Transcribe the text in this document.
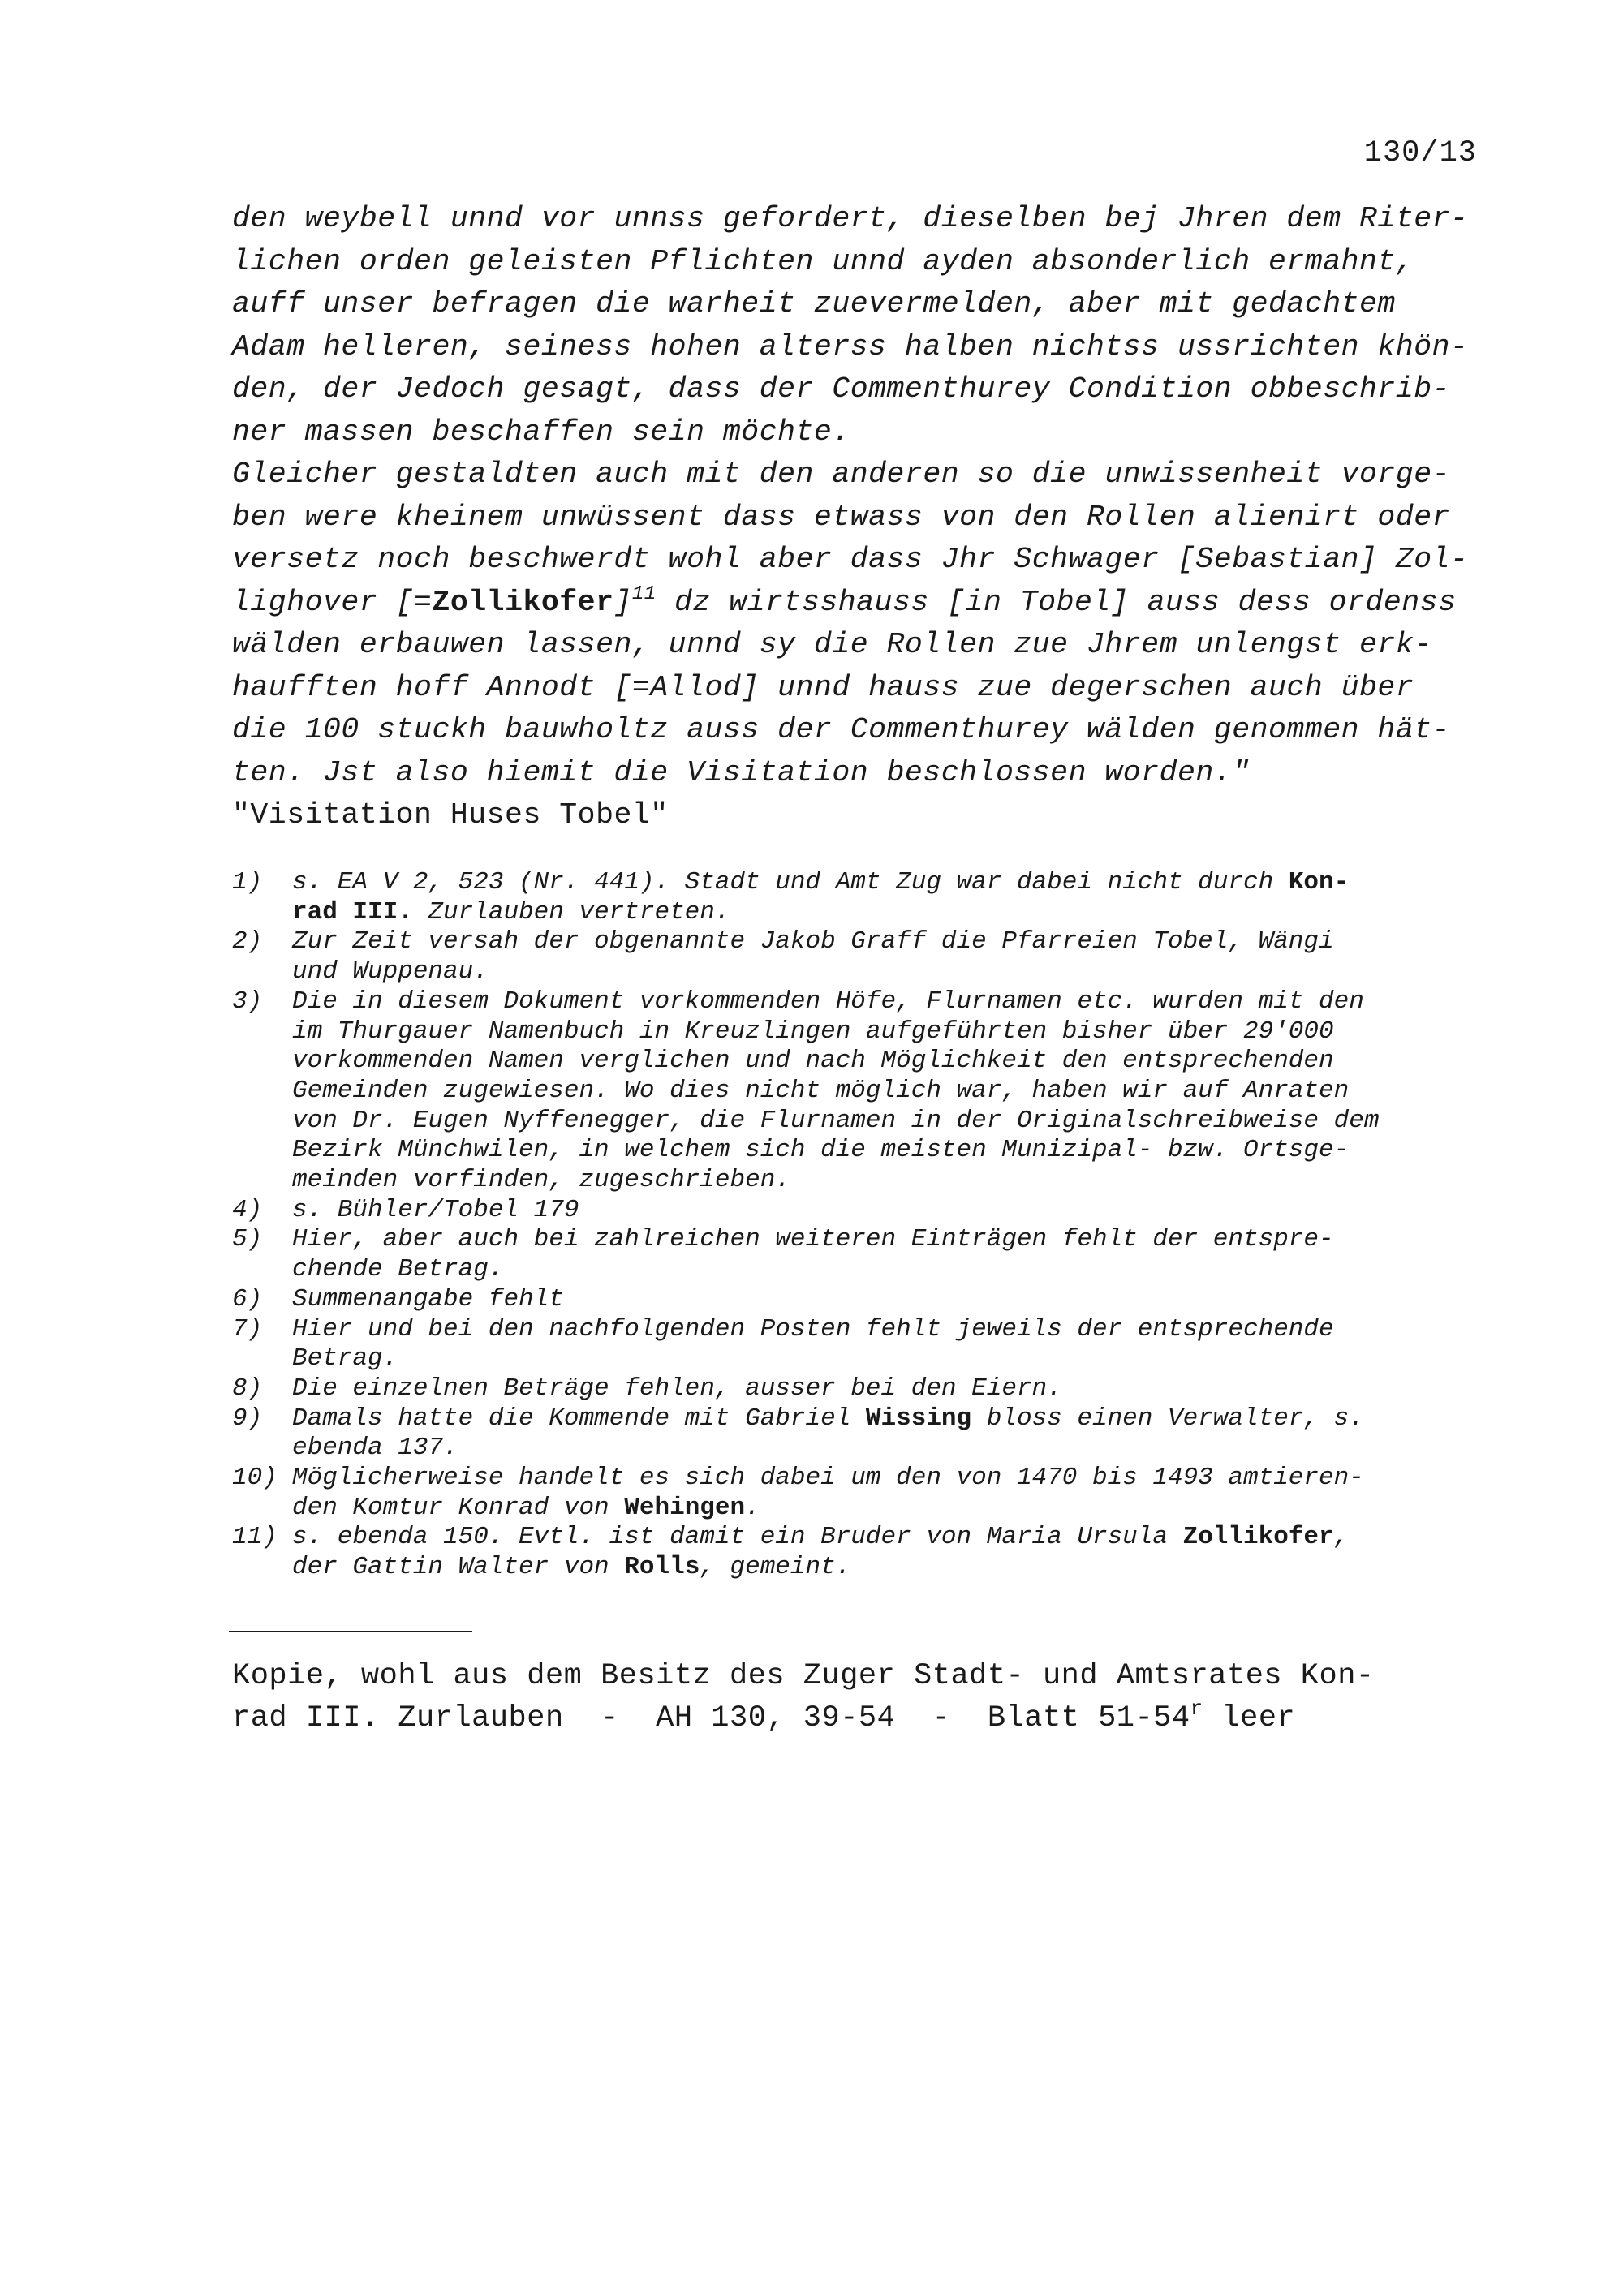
130/13
den weybell unnd vor unnss gefordert, dieselben bej Jhren dem Riter-
lichen orden geleisten Pflichten unnd ayden absonderlich ermahnt,
auff unser befragen die warheit zuevermelden, aber mit gedachtem
Adam helleren, seiness hohen alterss halben nichtss ussrichten khön-
den, der Jedoch gesagt, dass der Commenthurey Condition obbeschrib-
ner massen beschaffen sein möchte.
Gleicher gestaldten auch mit den anderen so die unwissenheit vorge-
ben were kheinem unwüssent dass etwass von den Rollen alienirt oder
versetz noch beschwerdt wohl aber dass Jhr Schwager [Sebastian] Zol-
lighover [=Zollikofer]$^{11}$ dz wirtsshauss [in Tobel] auss dess ordenss
wälden erbauwen lassen, unnd sy die Rollen zue Jhrem unlengst erk-
haufften hoff Annodt [=Allod] unnd hauss zue degerschen auch über
die 100 stuckh bauwholtz auss der Commenthurey wälden genommen hät-
ten. Jst also hiemit die Visitation beschlossen worden."
"Visitation Huses Tobel"
1)	s. EA V 2, 523 (Nr. 441). Stadt und Amt Zug war dabei nicht durch Kon-
rad III. Zurlauben vertreten.
2)	Zur Zeit versah der obgenannte Jakob Graff die Pfarreien Tobel, Wängi
und Wuppenau.
3)	Die in diesem Dokument vorkommenden Höfe, Flurnamen etc. wurden mit den
im Thurgauer Namenbuch in Kreuzlingen aufgeführten bisher über 29'000
vorkommenden Namen verglichen und nach Möglichkeit den entsprechenden
Gemeinden zugewiesen. Wo dies nicht möglich war, haben wir auf Anraten
von Dr. Eugen Nyffenegger, die Flurnamen in der Originalschreibweise dem
Bezirk Münchwilen, in welchem sich die meisten Munizipal- bzw. Ortsge-
meinden vorfinden, zugeschrieben.
4)	s. Bühler/Tobel 179
5)	Hier, aber auch bei zahlreichen weiteren Einträgen fehlt der entspre-
chende Betrag.
6)	Summenangabe fehlt
7)	Hier und bei den nachfolgenden Posten fehlt jeweils der entsprechende
Betrag.
8)	Die einzelnen Beträge fehlen, ausser bei den Eiern.
9)	Damals hatte die Kommende mit Gabriel Wissing bloss einen Verwalter, s.
ebenda 137.
10) Möglicherweise handelt es sich dabei um den von 1470 bis 1493 amtieren-
den Komtur Konrad von Wehingen.
11) s. ebenda 150. Evtl. ist damit ein Bruder von Maria Ursula Zollikofer,
der Gattin Walter von Rolls, gemeint.
Kopie, wohl aus dem Besitz des Zuger Stadt- und Amtsrates Kon-
rad III. Zurlauben  -  AH 130, 39-54  -  Blatt 51-54$^r$ leer
